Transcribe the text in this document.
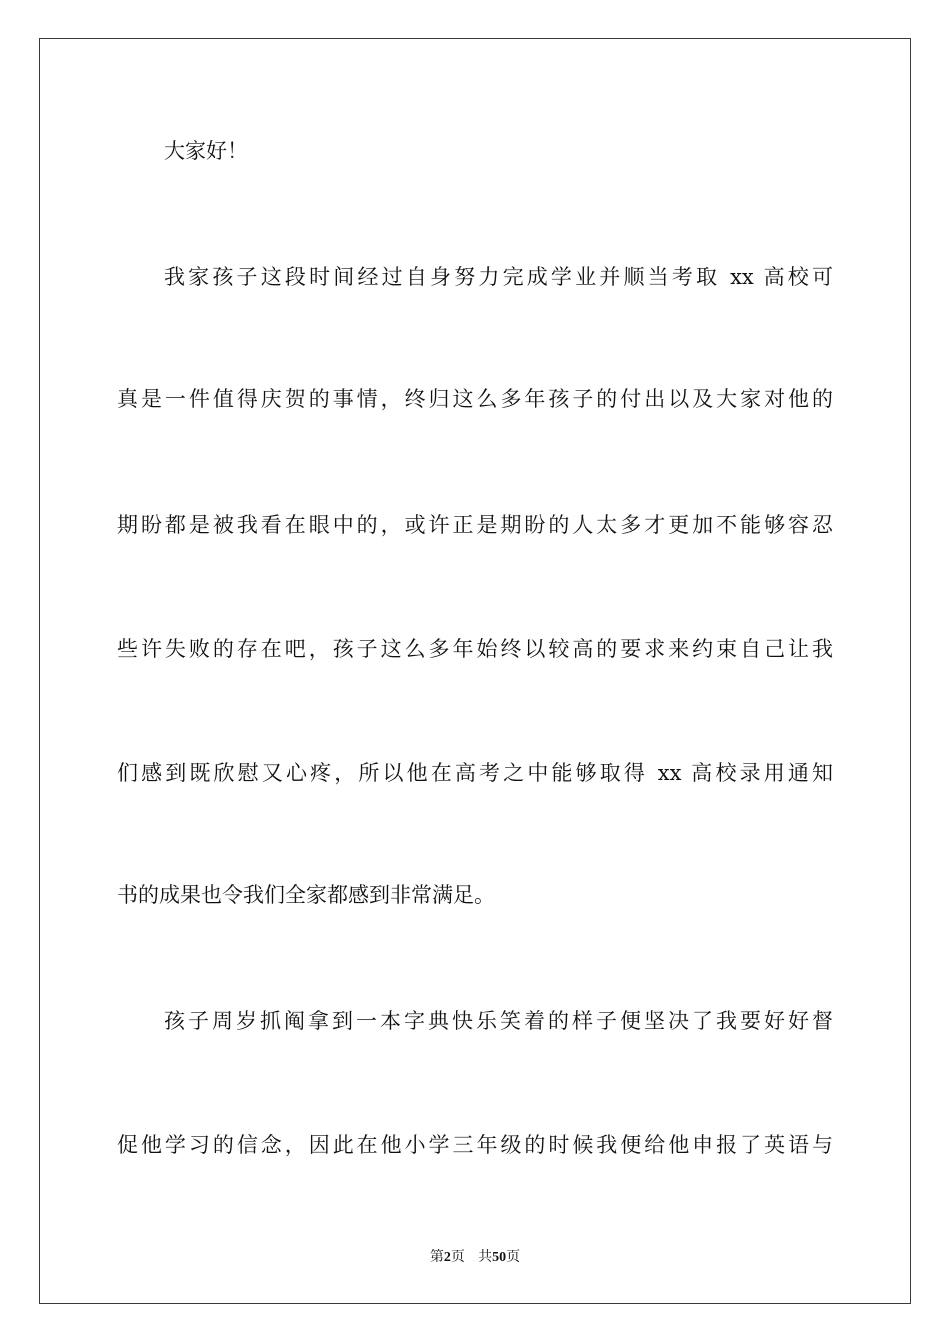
大家好！
我家孩子这段时间经过自身努力完成学业并顺当考取 xx 高校可
真是一件值得庆贺的事情，终归这么多年孩子的付出以及大家对他的
期盼都是被我看在眼中的，或许正是期盼的人太多才更加不能够容忍
些许失败的存在吧，孩子这么多年始终以较高的要求来约束自己让我
们感到既欣慰又心疼，所以他在高考之中能够取得 xx 高校录用通知
书的成果也令我们全家都感到非常满足。
孩子周岁抓阄拿到一本字典快乐笑着的样子便坚决了我要好好督
促他学习的信念，因此在他小学三年级的时候我便给他申报了英语与
第2页 共50页
